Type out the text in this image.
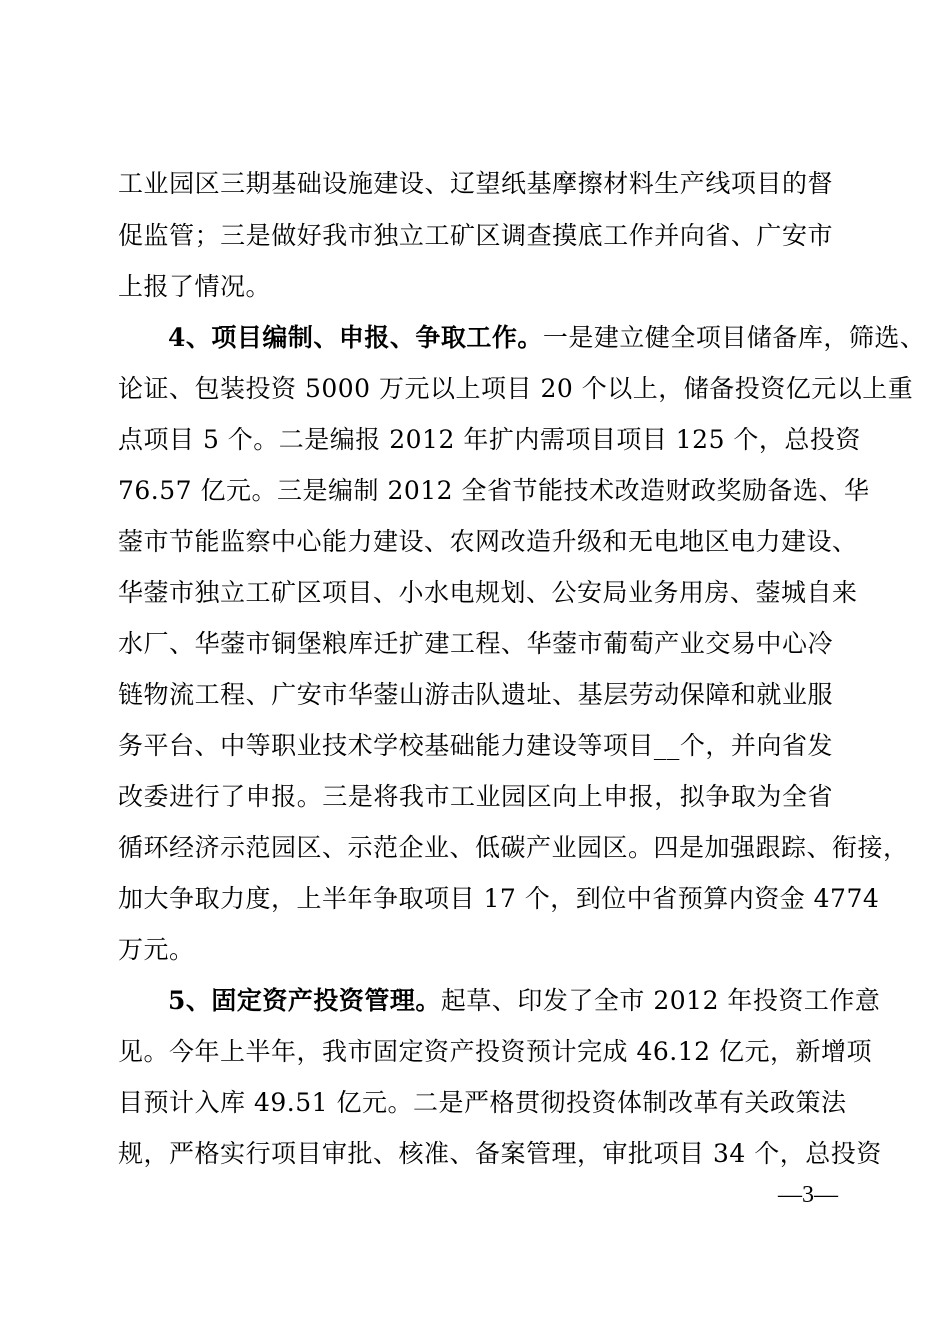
工业园区三期基础设施建设、辽望纸基摩擦材料生产线项目的督
促监管；三是做好我市独立工矿区调查摸底工作并向省、广安市
上报了情况。
4、项目编制、申报、争取工作。一是建立健全项目储备库，筛选、
论证、包装投资 5000 万元以上项目 20 个以上，储备投资亿元以上重
点项目 5 个。二是编报 2012 年扩内需项目项目 125 个，总投资
76.57 亿元。三是编制 2012 全省节能技术改造财政奖励备选、华
蓥市节能监察中心能力建设、农网改造升级和无电地区电力建设、
华蓥市独立工矿区项目、小水电规划、公安局业务用房、蓥城自来
水厂、华蓥市铜堡粮库迁扩建工程、华蓥市葡萄产业交易中心冷
链物流工程、广安市华蓥山游击队遗址、基层劳动保障和就业服
务平台、中等职业技术学校基础能力建设等项目__个，并向省发
改委进行了申报。三是将我市工业园区向上申报，拟争取为全省
循环经济示范园区、示范企业、低碳产业园区。四是加强跟踪、衔接，
加大争取力度，上半年争取项目 17 个，到位中省预算内资金 4774
万元。
5、固定资产投资管理。起草、印发了全市 2012 年投资工作意
见。今年上半年，我市固定资产投资预计完成 46.12 亿元，新增项
目预计入库 49.51 亿元。二是严格贯彻投资体制改革有关政策法
规，严格实行项目审批、核准、备案管理，审批项目 34 个，总投资
—3—
